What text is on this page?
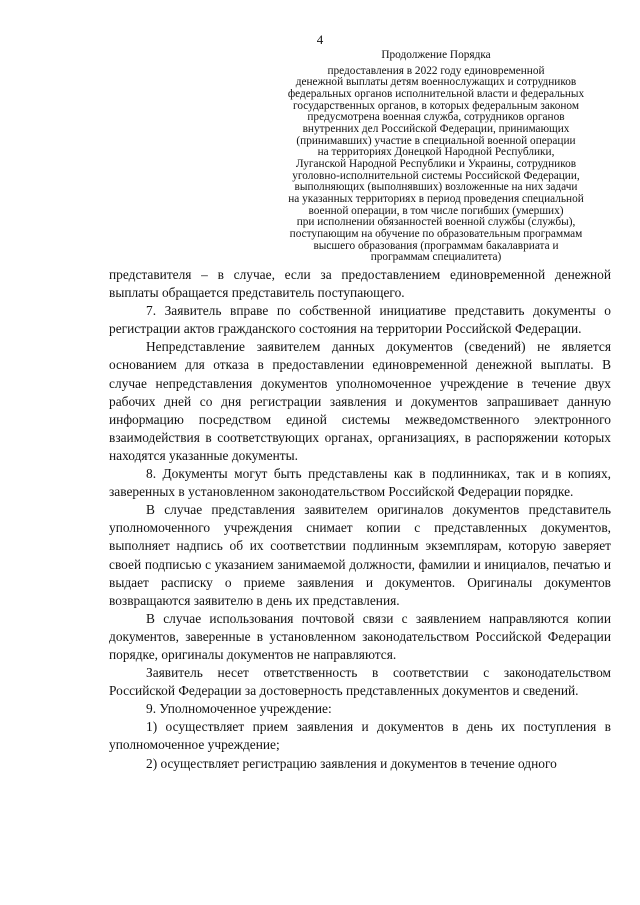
4
Продолжение Порядка
предоставления в 2022 году единовременной
денежной выплаты детям военнослужащих и сотрудников
федеральных органов исполнительной власти и федеральных
государственных органов, в которых федеральным законом
предусмотрена военная служба, сотрудников органов
внутренних дел Российской Федерации, принимающих
(принимавших) участие в специальной военной операции
на территориях Донецкой Народной Республики,
Луганской Народной Республики и Украины, сотрудников
уголовно-исполнительной системы Российской Федерации,
выполняющих (выполнявших) возложенные на них задачи
на указанных территориях в период проведения специальной
военной операции, в том числе погибших (умерших)
при исполнении обязанностей военной службы (службы),
поступающим на обучение по образовательным программам
высшего образования (программам бакалавриата и
программам специалитета)

представителя – в случае, если за предоставлением единовременной денежной выплаты обращается представитель поступающего.

7. Заявитель вправе по собственной инициативе представить документы о регистрации актов гражданского состояния на территории Российской Федерации.

Непредставление заявителем данных документов (сведений) не является основанием для отказа в предоставлении единовременной денежной выплаты. В случае непредставления документов уполномоченное учреждение в течение двух рабочих дней со дня регистрации заявления и документов запрашивает данную информацию посредством единой системы межведомственного электронного взаимодействия в соответствующих органах, организациях, в распоряжении которых находятся указанные документы.

8. Документы могут быть представлены как в подлинниках, так и в копиях, заверенных в установленном законодательством Российской Федерации порядке.

В случае представления заявителем оригиналов документов представитель уполномоченного учреждения снимает копии с представленных документов, выполняет надпись об их соответствии подлинным экземплярам, которую заверяет своей подписью с указанием занимаемой должности, фамилии и инициалов, печатью и выдает расписку о приеме заявления и документов. Оригиналы документов возвращаются заявителю в день их представления.

В случае использования почтовой связи с заявлением направляются копии документов, заверенные в установленном законодательством Российской Федерации порядке, оригиналы документов не направляются.

Заявитель несет ответственность в соответствии с законодательством Российской Федерации за достоверность представленных документов и сведений.

9. Уполномоченное учреждение:

1) осуществляет прием заявления и документов в день их поступления в уполномоченное учреждение;

2) осуществляет регистрацию заявления и документов в течение одного
